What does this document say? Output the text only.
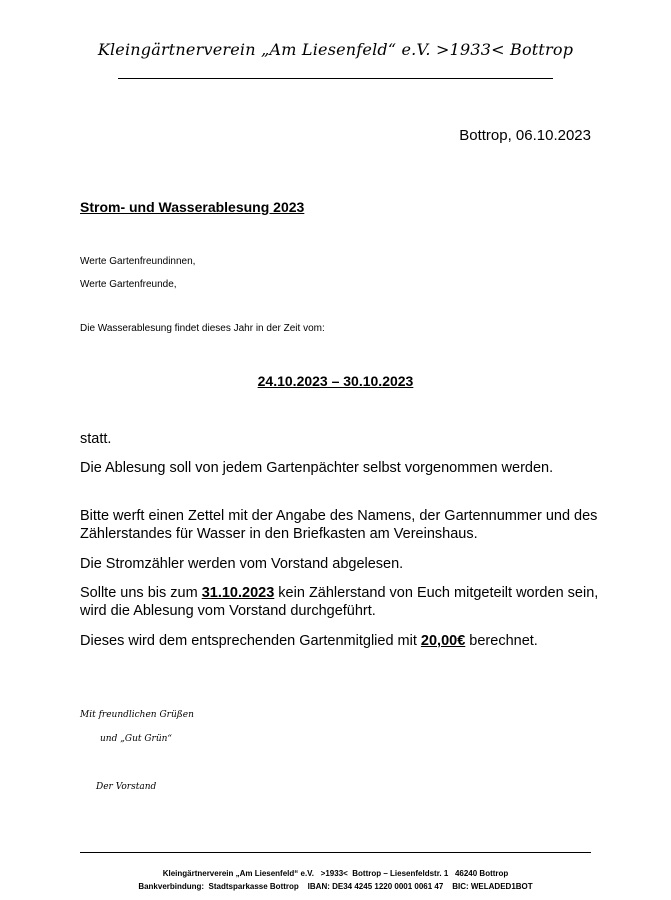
Kleingärtnerverein „Am Liesenfeld“ e.V. >1933< Bottrop
Bottrop, 06.10.2023
Strom- und Wasserablesung 2023
Werte Gartenfreundinnen,
Werte Gartenfreunde,
Die Wasserablesung findet dieses Jahr in der Zeit vom:
24.10.2023 – 30.10.2023
statt.
Die Ablesung soll von jedem Gartenpächter selbst vorgenommen werden.
Bitte werft einen Zettel mit der Angabe des Namens, der Gartennummer und des Zählerstandes für Wasser in den Briefkasten am Vereinshaus.
Die Stromzähler werden vom Vorstand abgelesen.
Sollte uns bis zum 31.10.2023 kein Zählerstand von Euch mitgeteilt worden sein, wird die Ablesung vom Vorstand durchgeführt.
Dieses wird dem entsprechenden Gartenmitglied mit 20,00€ berechnet.
Mit freundlichen Grüßen
und „Gut Grün“
Der Vorstand
Kleingärtnerverein „Am Liesenfeld“ e.V.   >1933<  Bottrop – Liesenfeldstr. 1   46240 Bottrop
Bankverbindung:  Stadtsparkasse Bottrop    IBAN: DE34 4245 1220 0001 0061 47    BIC: WELADED1BOT
